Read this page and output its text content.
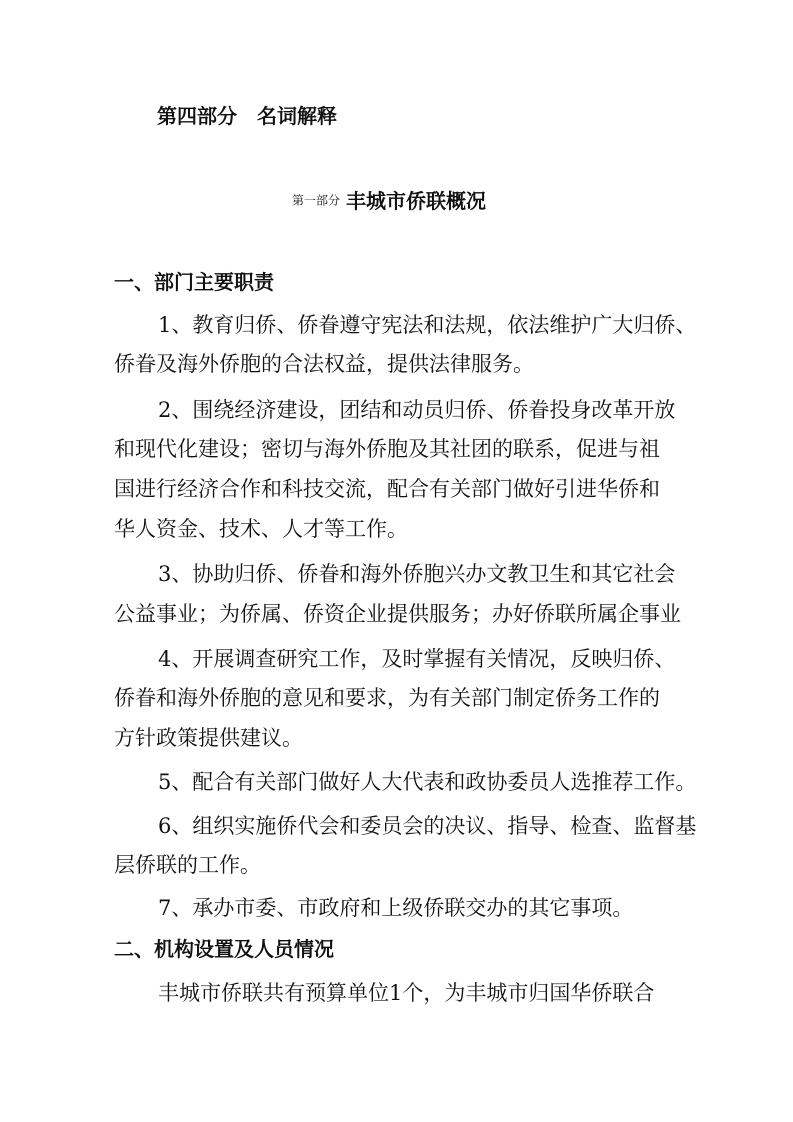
第四部分 名词解释
第一部分 丰城市侨联概况
一、部门主要职责
1、教育归侨、侨眷遵守宪法和法规，依法维护广大归侨、
侨眷及海外侨胞的合法权益，提供法律服务。
2、围绕经济建设，团结和动员归侨、侨眷投身改革开放
和现代化建设；密切与海外侨胞及其社团的联系，促进与祖
国进行经济合作和科技交流，配合有关部门做好引进华侨和
华人资金、技术、人才等工作。
3、协助归侨、侨眷和海外侨胞兴办文教卫生和其它社会
公益事业；为侨属、侨资企业提供服务；办好侨联所属企事业
4、开展调查研究工作，及时掌握有关情况，反映归侨、
侨眷和海外侨胞的意见和要求，为有关部门制定侨务工作的
方针政策提供建议。
5、配合有关部门做好人大代表和政协委员人选推荐工作。
6、组织实施侨代会和委员会的决议、指导、检查、监督基
层侨联的工作。
7、承办市委、市政府和上级侨联交办的其它事项。
二、机构设置及人员情况
丰城市侨联共有预算单位1个，为丰城市归国华侨联合
